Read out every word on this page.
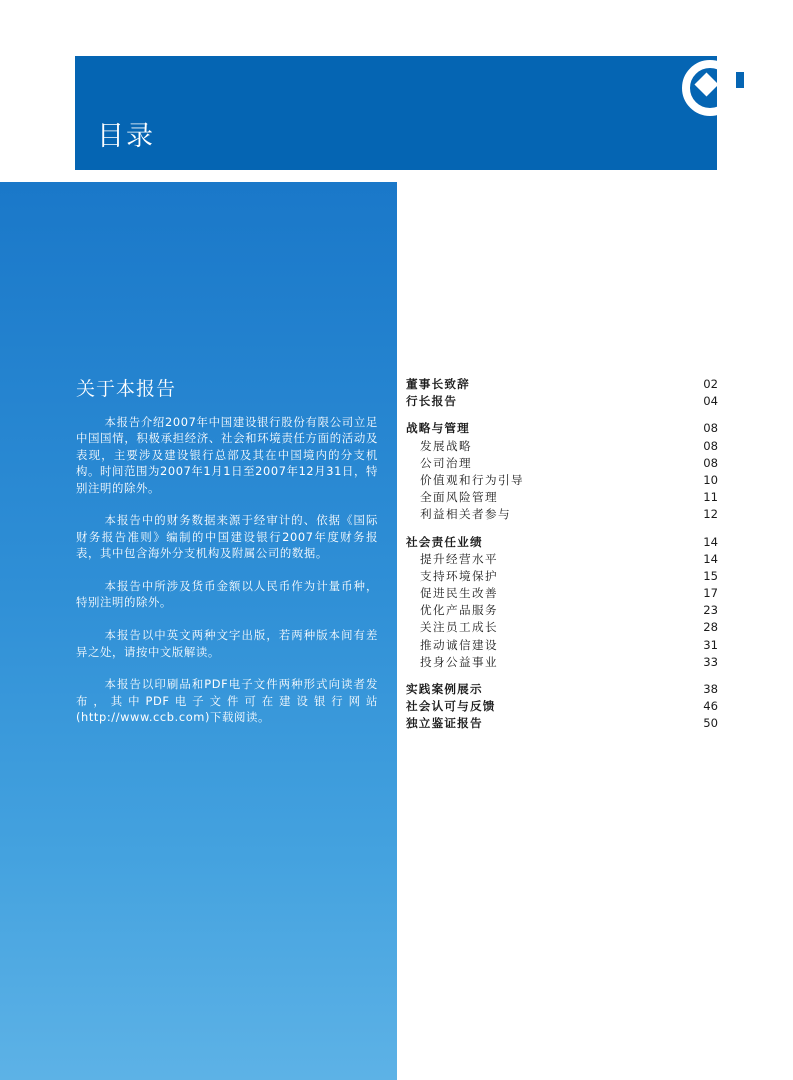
目录
关于本报告

本报告介绍2007年中国建设银行股份有限公司立足中国国情，积极承担经济、社会和环境责任方面的活动及表现，主要涉及建设银行总部及其在中国境内的分支机构。时间范围为2007年1月1日至2007年12月31日，特别注明的除外。

本报告中的财务数据来源于经审计的、依据《国际财务报告准则》编制的中国建设银行2007年度财务报表，其中包含海外分支机构及附属公司的数据。

本报告中所涉及货币金额以人民币作为计量币种，特别注明的除外。

本报告以中英文两种文字出版，若两种版本间有差异之处，请按中文版解读。

本报告以印刷品和PDF电子文件两种形式向读者发布，其中PDF电子文件可在建设银行网站(http://www.ccb.com)下载阅读。

董事长致辞	02
行长报告	04
战略与管理	08
发展战略	08
公司治理	08
价值观和行为引导	10
全面风险管理	11
利益相关者参与	12
社会责任业绩	14
提升经营水平	14
支持环境保护	15
促进民生改善	17
优化产品服务	23
关注员工成长	28
推动诚信建设	31
投身公益事业	33
实践案例展示	38
社会认可与反馈	46
独立鉴证报告	50
